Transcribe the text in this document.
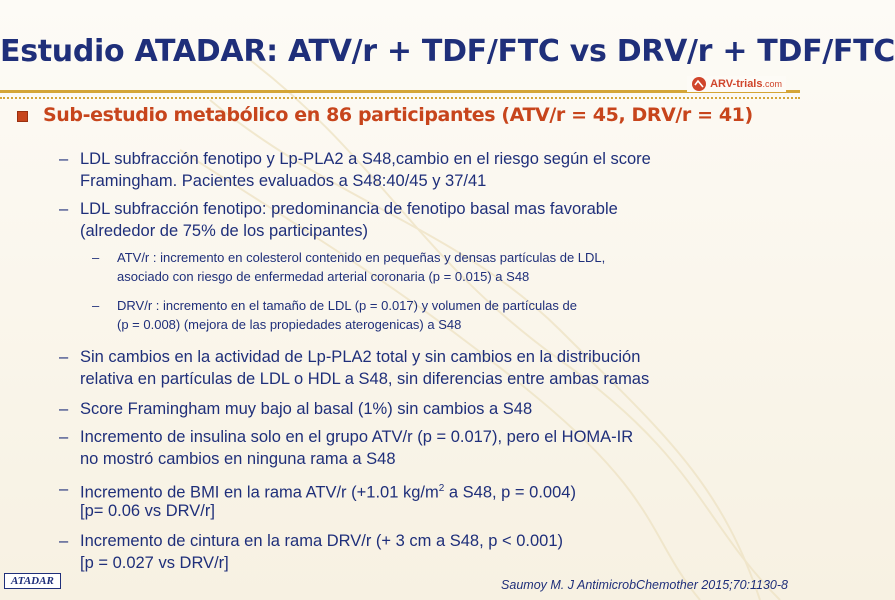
Estudio ATADAR: ATV/r + TDF/FTC vs DRV/r + TDF/FTC
ARV-trials.com
Sub-estudio metabólico en 86 participantes (ATV/r = 45, DRV/r = 41)
– LDL subfracción fenotipo y Lp-PLA2 a S48,cambio en el riesgo según el score
Framingham. Pacientes evaluados a S48:40/45 y 37/41
– LDL subfracción fenotipo: predominancia de fenotipo basal mas favorable
(alrededor de 75% de los participantes)
– ATV/r : incremento en colesterol contenido en pequeñas y densas partículas de LDL,
asociado con riesgo de enfermedad arterial coronaria (p = 0.015) a S48
– DRV/r : incremento en el tamaño de LDL (p = 0.017) y volumen de partículas de
(p = 0.008) (mejora de las propiedades aterogenicas) a S48
– Sin cambios en la actividad de Lp-PLA2 total y sin cambios en la distribución
relativa en partículas de LDL o HDL a S48, sin diferencias entre ambas ramas
– Score Framingham muy bajo al basal (1%) sin cambios a S48
– Incremento de insulina solo en el grupo ATV/r (p = 0.017), pero el HOMA-IR
no mostró cambios en ninguna rama a S48
– Incremento de BMI en la rama ATV/r (+1.01 $kg/m^2$ a S48, p = 0.004)
[p= 0.06 vs DRV/r]
– Incremento de cintura en la rama DRV/r (+ 3 cm a S48, p < 0.001)
[p = 0.027 vs DRV/r]
ATADAR	Saumoy M. J AntimicrobChemother 2015;70:1130-8
